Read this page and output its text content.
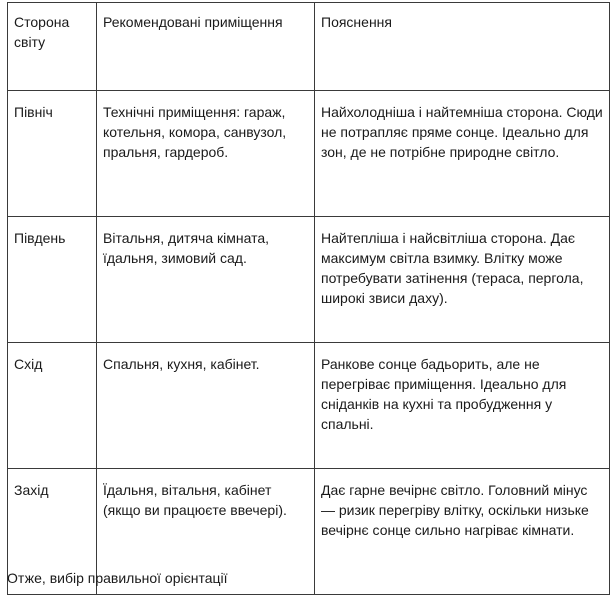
Сторона світу	Рекомендовані приміщення	Пояснення
Північ	Технічні приміщення: гараж, котельня, комора, санвузол, пральня, гардероб.	Найхолодніша і найтемніша сторона. Сюди не потрапляє пряме сонце. Ідеально для зон, де не потрібне природне світло.
Південь	Вітальня, дитяча кімната, їдальня, зимовий сад.	Найтепліша і найсвітліша сторона. Дає максимум світла взимку. Влітку може потребувати затінення (тераса, пергола, широкі звиси даху).
Схід	Спальня, кухня, кабінет.	Ранкове сонце бадьорить, але не перегріває приміщення. Ідеально для сніданків на кухні та пробудження у спальні.
Захід	Їдальня, вітальня, кабінет (якщо ви працюєте ввечері).	Дає гарне вечірнє світло. Головний мінус — ризик перегріву влітку, оскільки низьке вечірнє сонце сильно нагріває кімнати.
Отже, вибір правильної орієнтації
